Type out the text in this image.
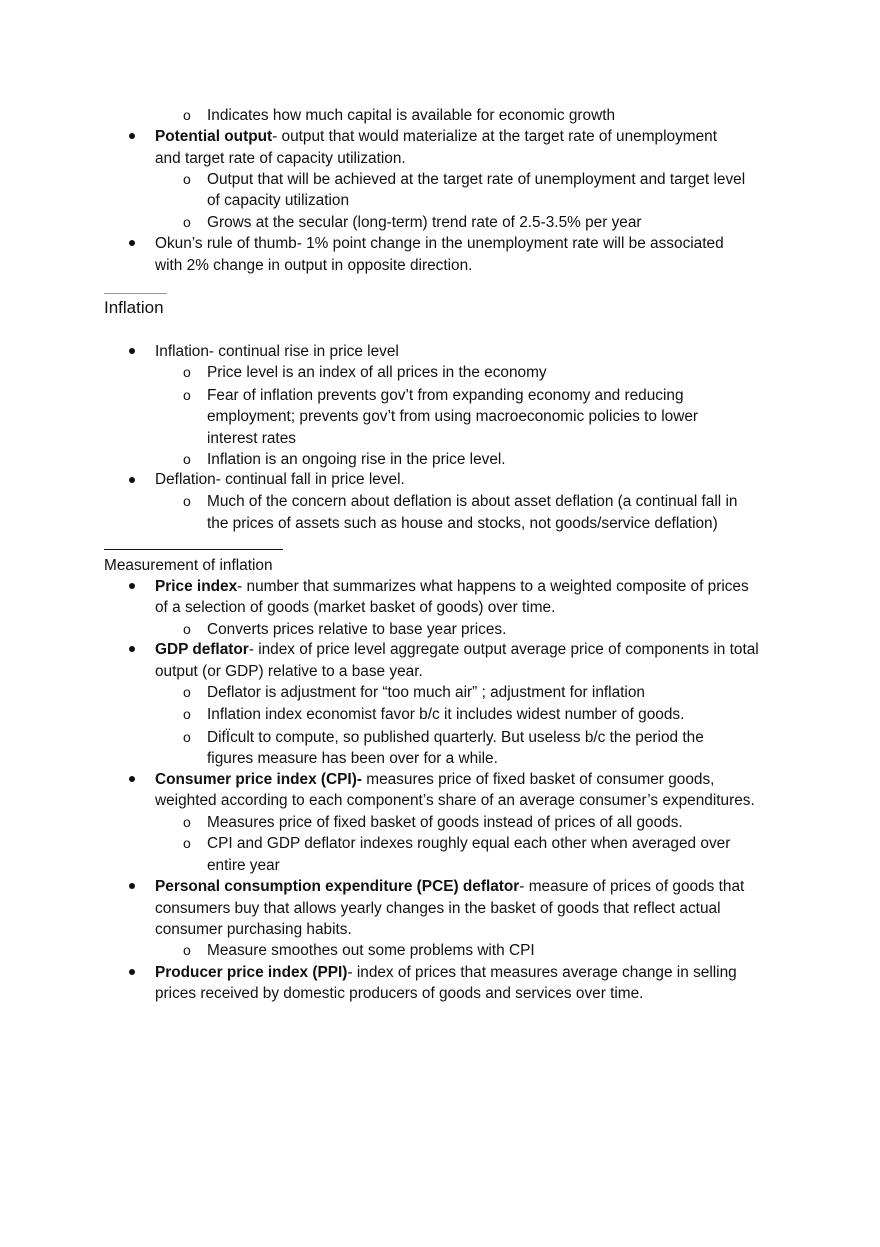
o Indicates how much capital is available for economic growth
Potential output- output that would materialize at the target rate of unemployment
and target rate of capacity utilization.
o Output that will be achieved at the target rate of unemployment and target level
of capacity utilization
o Grows at the secular (long-term) trend rate of 2.5-3.5% per year
Okun’s rule of thumb- 1% point change in the unemployment rate will be associated
with 2% change in output in opposite direction.
Inflation
Inflation- continual rise in price level
o Price level is an index of all prices in the economy
o Fear of inflation prevents gov’t from expanding economy and reducing
employment; prevents gov’t from using macroeconomic policies to lower
interest rates
o Inflation is an ongoing rise in the price level.
Deflation- continual fall in price level.
o Much of the concern about deflation is about asset deflation (a continual fall in
the prices of assets such as house and stocks, not goods/service deflation)
Measurement of inflation
Price index- number that summarizes what happens to a weighted composite of prices
of a selection of goods (market basket of goods) over time.
o Converts prices relative to base year prices.
GDP deflator- index of price level aggregate output average price of components in total
output (or GDP) relative to a base year.
o Deflator is adjustment for “too much air” ; adjustment for inflation
o Inflation index economist favor b/c it includes widest number of goods.
o DifÏcult to compute, so published quarterly. But useless b/c the period the
figures measure has been over for a while.
Consumer price index (CPI)- measures price of fixed basket of consumer goods,
weighted according to each component’s share of an average consumer’s expenditures.
o Measures price of fixed basket of goods instead of prices of all goods.
o CPI and GDP deflator indexes roughly equal each other when averaged over
entire year
Personal consumption expenditure (PCE) deflator- measure of prices of goods that
consumers buy that allows yearly changes in the basket of goods that reflect actual
consumer purchasing habits.
o Measure smoothes out some problems with CPI
Producer price index (PPI)- index of prices that measures average change in selling
prices received by domestic producers of goods and services over time.
